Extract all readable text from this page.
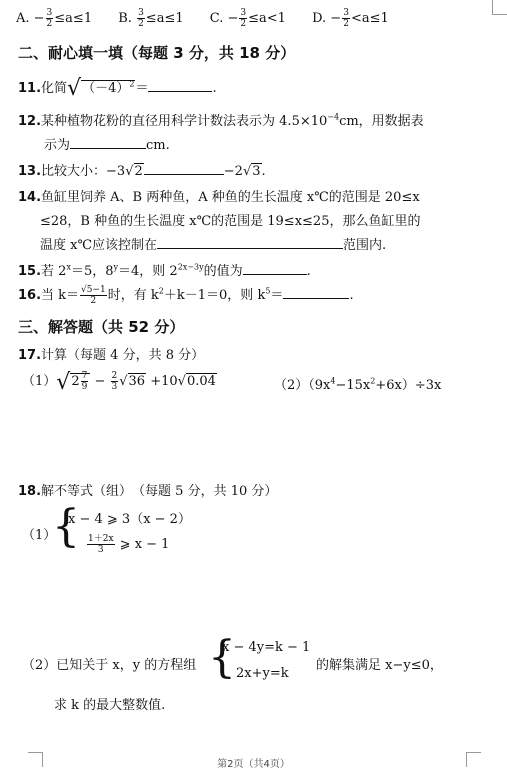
A. − $\frac{3}{2} \le a\le 1$ B. $\frac{3}{2} \le a\le 1$ C. − $\frac{3}{2} \le a<1$ D. − $\frac{3}{2} <a\le 1$
二、耐心填一填（每题 3 分，共 18 分）
11.化简$√(-4)^2=$	.
12.某种植物花粉的直径用科学计数法表示为 $4.5\times 10^{-4}cm$，用数据表
示为	cm.
13.比较大小：−3√2	−2√3.
14.鱼缸里饲养 A、B 两种鱼，A 种鱼的生长温度 x℃的范围是 20≤x
≤28，B 种鱼的生长温度 x℃的范围是 19≤x≤25，那么鱼缸里的
温度 x℃应该控制在	范围内.
15.若 $2^x=5$，$8^y=4$，则 $2^{2x-3y}$的值为	.
16.当 $k= \frac{√5-1}{2}$ 时，有 $k^2+k-1=0$，则 $k^5=$	.
三、解答题（共 52 分）
17.计算（每题 4 分，共 8 分）
$(1)√2 \frac{7}{9} - \frac{2}{3} √36 +10√0.04$	$(2)(9x^4-15x^2+6x)\div 3x$
18.解不等式（组）　（每题 5 分，共 10 分）
（1）
{
x − 4 ⩾ 3（x − 2）
$\frac{1+2x}{3}$ ⩾ x − 1
（2）已知关于 x，y 的方程组 {
x − 4y=k − 1
2x+y=k
的解集满足 x−y≤0，
求 k 的最大整数值.
第2页（共4页）
